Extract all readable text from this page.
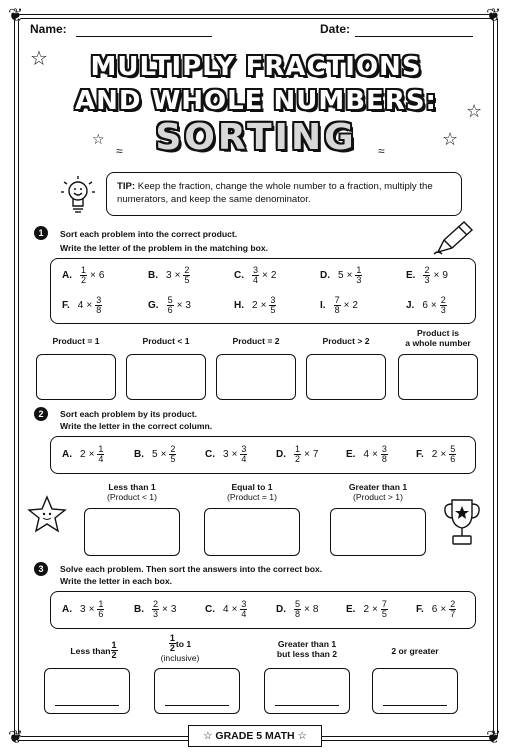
❦	❦
❦	❦
Name:	Date:
MULTIPLY FRACTIONS
AND WHOLE NUMBERS:
SORTING
☆
☆
☆
☆
≈	≈
TIP: Keep the fraction, change the whole number to a fraction, multiply the numerators, and keep the same denominator.
1	Sort each problem into the correct product.
Write the letter of the problem in the matching box.
A. $\frac{1}{2} \times 6$	B. $3 \times \frac{2}{5}$	C. $\frac{3}{4} \times 2$	D. $5 \times \frac{1}{3}$	E. $\frac{2}{3} \times 9$
F. $4 \times \frac{3}{8}$	G. $\frac{5}{6} \times 3$	H. $2 \times \frac{3}{5}$	I. $\frac{7}{8} \times 2$	J. $6 \times \frac{2}{3}$
Product = 1	Product < 1	Product = 2	Product > 2
Product is
a whole number
2	Sort each problem by its product.
Write the letter in the correct column.
A. $2 \times \frac{1}{4}$	B. $5 \times \frac{2}{5}$	C. $3 \times \frac{3}{4}$	D. $\frac{1}{2} \times 7$	E. $4 \times \frac{3}{8}$	F. $2 \times \frac{5}{6}$
Less than 1
(Product < 1)
Equal to 1
(Product = 1)
Greater than 1
(Product > 1)
3	Solve each problem. Then sort the answers into the correct box.
Write the letter in each box.
A. $3 \times \frac{1}{6}$	B. $\frac{2}{3} \times 3$	C. $4 \times \frac{3}{4}$	D. $\frac{5}{8} \times 8$	E. $2 \times \frac{7}{5}$	F. $6 \times \frac{2}{7}$
Less than $\frac{1}{2}$	$\frac{1}{2}$ to 1
(inclusive)
Greater than 1
but less than 2	2 or greater
☆ GRADE 5 MATH ☆
